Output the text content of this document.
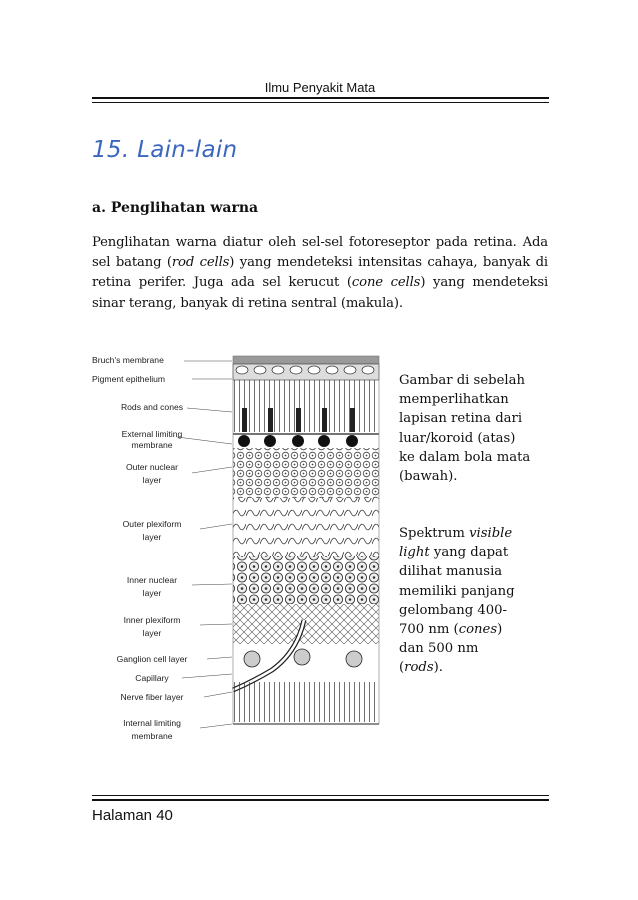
Ilmu Penyakit Mata
15. Lain-lain
a. Penglihatan warna

Penglihatan warna diatur oleh sel-sel fotoreseptor pada retina. Ada sel batang (rod cells) yang mendeteksi intensitas cahaya, banyak di retina perifer. Juga ada sel kerucut (cone cells) yang mendeteksi sinar terang, banyak di retina sentral (makula).

Bruch's membrane
Pigment epithelium
Rods and cones
External limiting
membrane
Outer nuclear
layer
Outer plexiform
layer
Inner nuclear
layer
Inner plexiform
layer
Ganglion cell layer
Capillary
Nerve fiber layer
Internal limiting
membrane

Gambar di sebelah
memperlihatkan
lapisan retina dari
luar/koroid (atas)
ke dalam bola mata
(bawah).

Spektrum visible
light yang dapat
dilihat manusia
memiliki panjang
gelombang 400-
700 nm (cones)
dan 500 nm
(rods).

Halaman 40
